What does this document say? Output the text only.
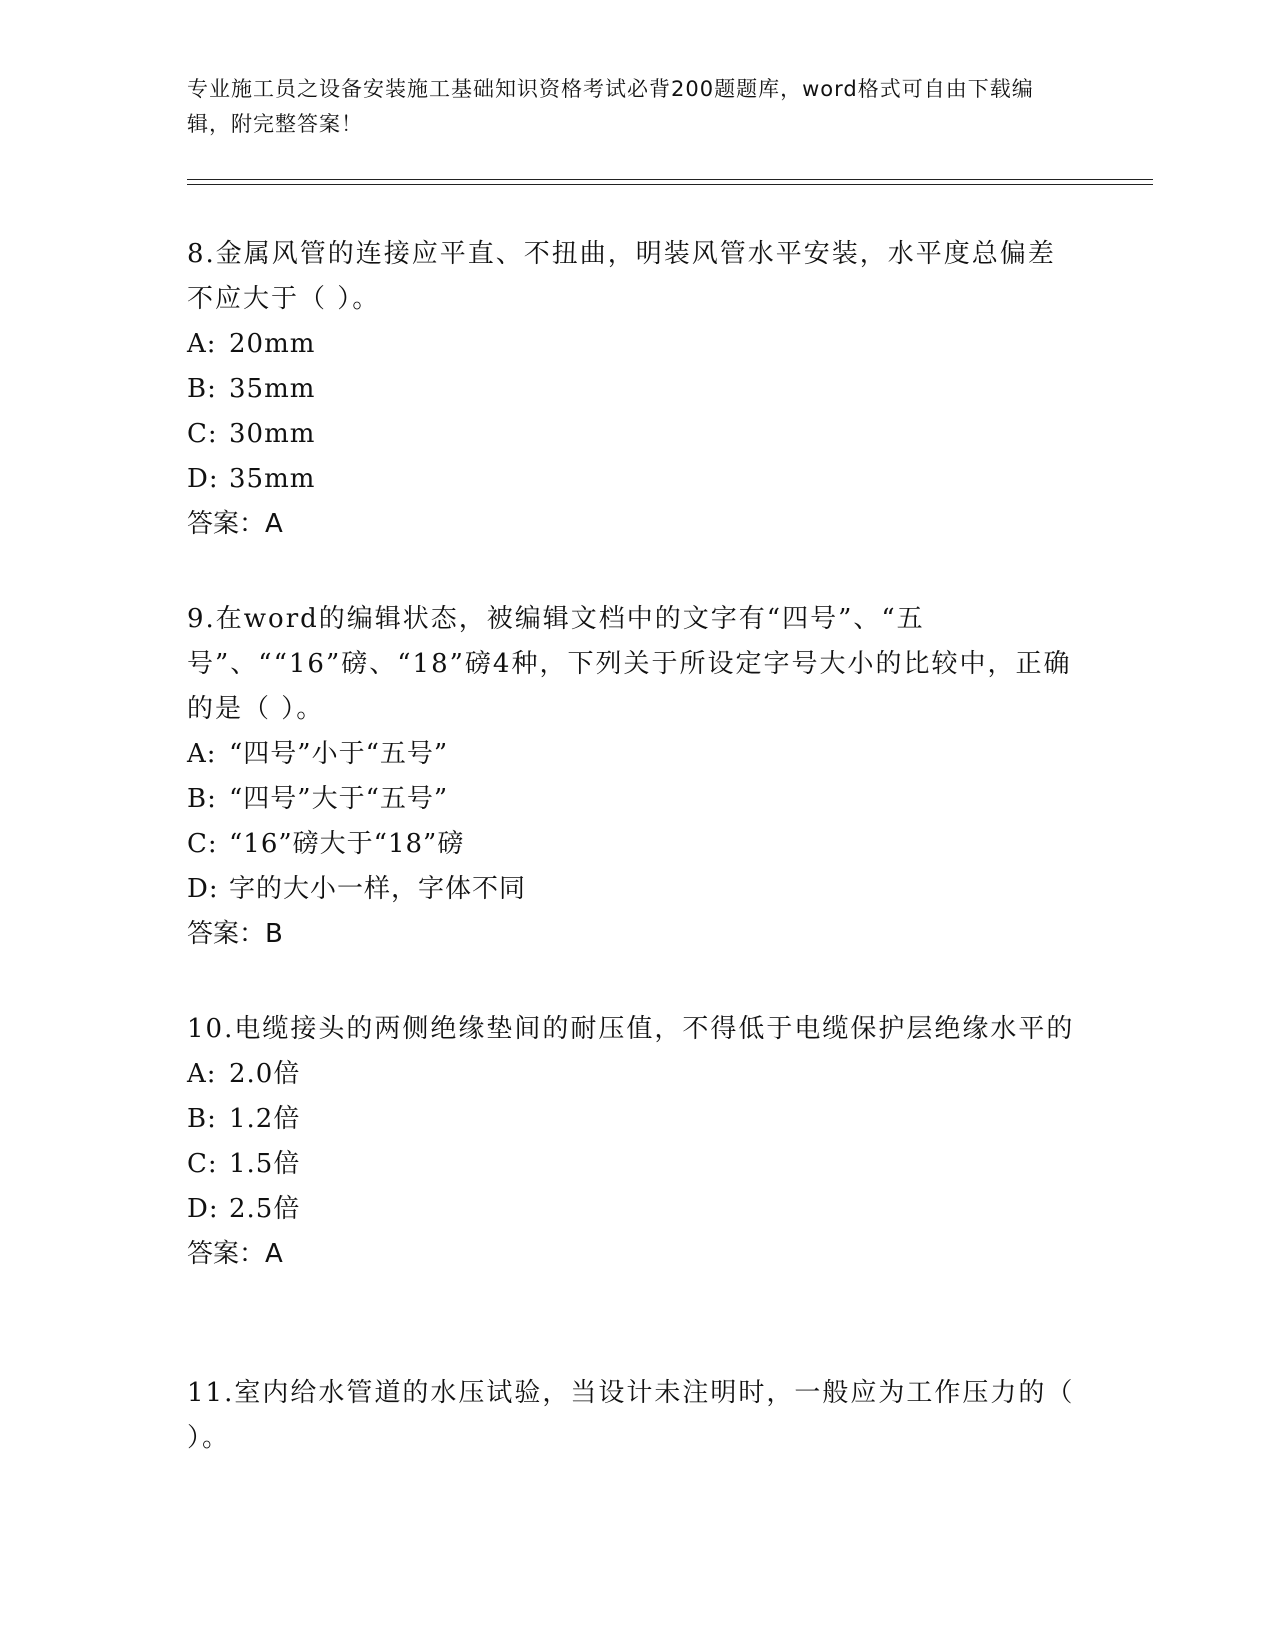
专业施工员之设备安装施工基础知识资格考试必背200题题库，word格式可自由下载编辑，附完整答案！

8.金属风管的连接应平直、不扭曲，明装风管水平安装，水平度总偏差不应大于（ ）。

A: 20mm

B: 35mm

C: 30mm

D: 35mm

答案：A

9.在word的编辑状态，被编辑文档中的文字有“四号”、“五号”、““16”磅、“18”磅4种，下列关于所设定字号大小的比较中，正确的是（ ）。

A: “四号”小于“五号”

B: “四号”大于“五号”

C: “16”磅大于“18”磅

D: 字的大小一样，字体不同

答案：B

10.电缆接头的两侧绝缘垫间的耐压值，不得低于电缆保护层绝缘水平的

A: 2.0倍

B: 1.2倍

C: 1.5倍

D: 2.5倍

答案：A

11.室内给水管道的水压试验，当设计未注明时，一般应为工作压力的（ ）。
